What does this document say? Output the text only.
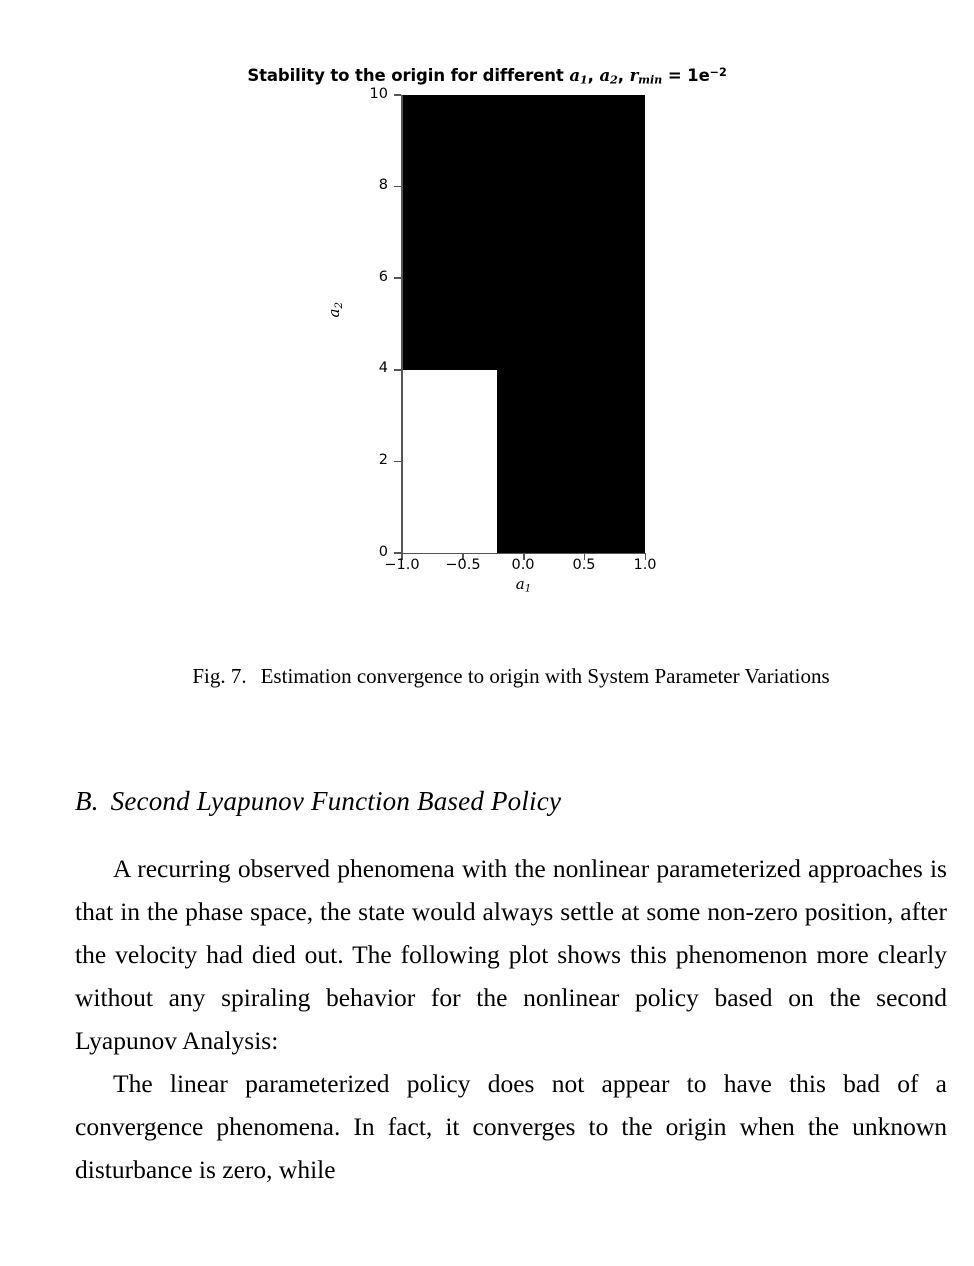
Stability to the origin for different $a_1$, $a_2$, $r_{min} = 1e^{-2}$
0
2
4
6
8
10
−1.0	−0.5	0.0	0.5	1.0
$a_2$
$a_1$
Fig. 7. Estimation convergence to origin with System Parameter Variations
B. Second Lyapunov Function Based Policy

A recurring observed phenomena with the nonlinear parameterized approaches is that in the phase space, the state would always settle at some non-zero position, after the velocity had died out. The following plot shows this phenomenon more clearly without any spiraling behavior for the nonlinear policy based on the second Lyapunov Analysis:

The linear parameterized policy does not appear to have this bad of a convergence phenomena. In fact, it converges to the origin when the unknown disturbance is zero, while
